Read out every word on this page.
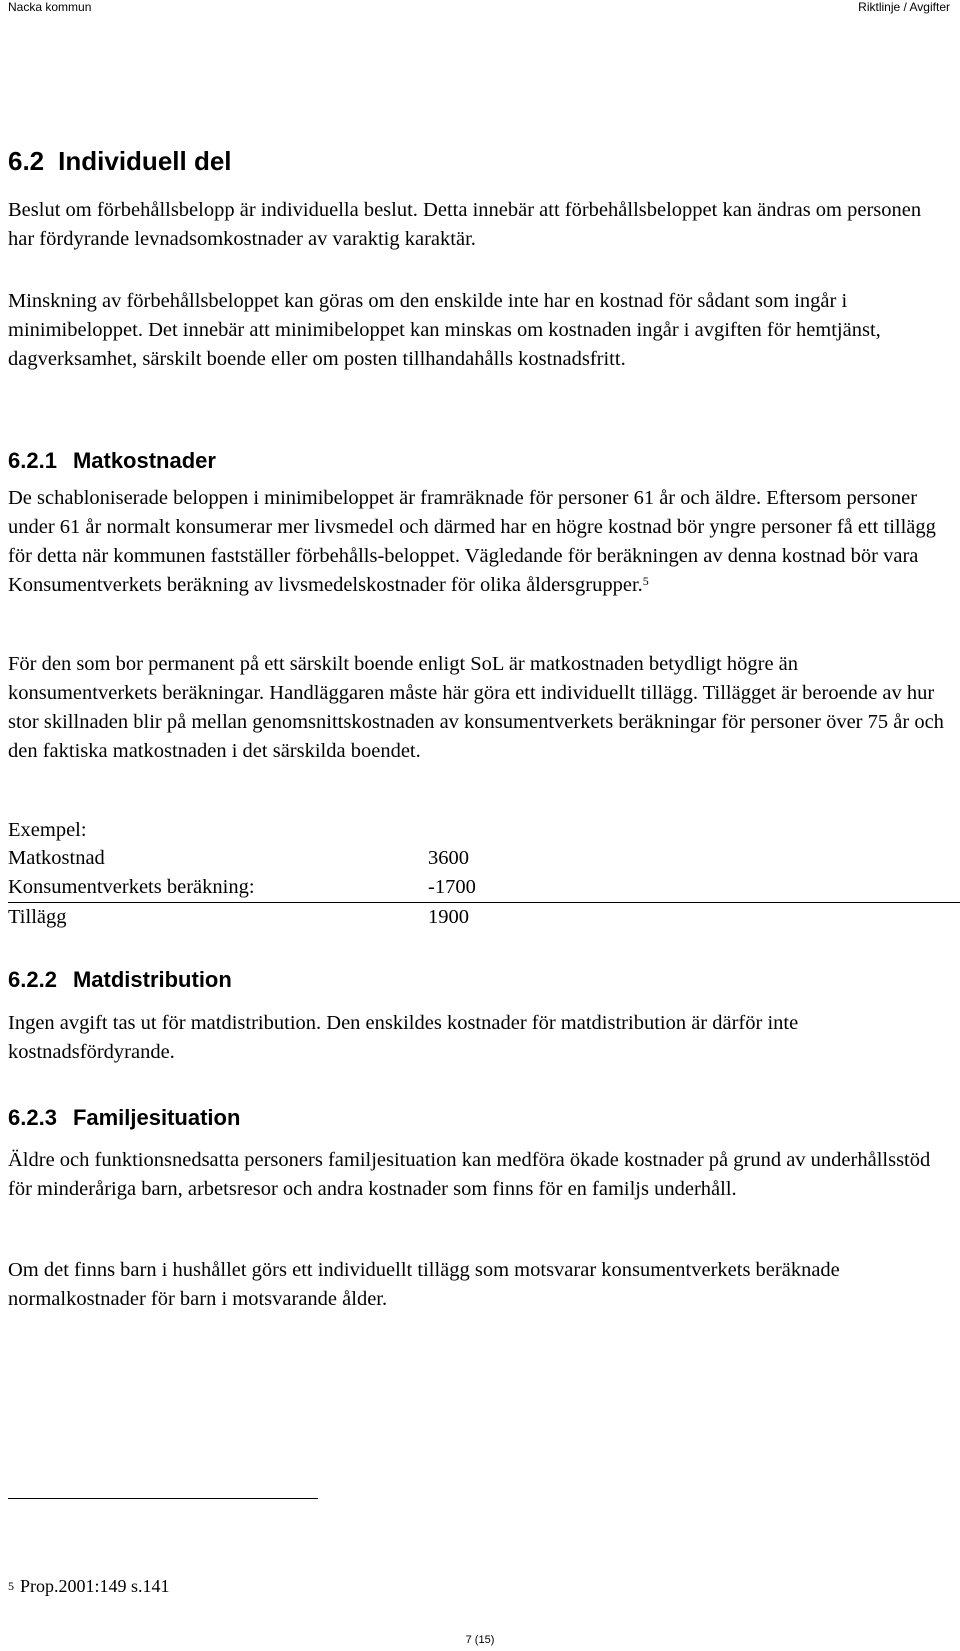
Nacka kommun	Riktlinje / Avgifter
6.2 Individuell del

Beslut om förbehållsbelopp är individuella beslut. Detta innebär att förbehållsbeloppet kan ändras om personen har fördyrande levnadsomkostnader av varaktig karaktär.

Minskning av förbehållsbeloppet kan göras om den enskilde inte har en kostnad för sådant som ingår i minimibeloppet. Det innebär att minimibeloppet kan minskas om kostnaden ingår i avgiften för hemtjänst, dagverksamhet, särskilt boende eller om posten tillhandahålls kostnadsfritt.

6.2.1 Matkostnader

De schabloniserade beloppen i minimibeloppet är framräknade för personer 61 år och äldre. Eftersom personer under 61 år normalt konsumerar mer livsmedel och därmed har en högre kostnad bör yngre personer få ett tillägg för detta när kommunen fastställer förbehålls-beloppet. Vägledande för beräkningen av denna kostnad bör vara Konsumentverkets beräkning av livsmedelskostnader för olika åldersgrupper.$^5$

För den som bor permanent på ett särskilt boende enligt SoL är matkostnaden betydligt högre än konsumentverkets beräkningar. Handläggaren måste här göra ett individuellt tillägg. Tillägget är beroende av hur stor skillnaden blir på mellan genomsnittskostnaden av konsumentverkets beräkningar för personer över 75 år och den faktiska matkostnaden i det särskilda boendet.

Exempel:
Matkostnad	3600
Konsumentverkets beräkning:	-1700
Tillägg	1900
6.2.2 Matdistribution

Ingen avgift tas ut för matdistribution. Den enskildes kostnader för matdistribution är därför inte kostnadsfördyrande.

6.2.3 Familjesituation

Äldre och funktionsnedsatta personers familjesituation kan medföra ökade kostnader på grund av underhållsstöd för minderåriga barn, arbetsresor och andra kostnader som finns för en familjs underhåll.

Om det finns barn i hushållet görs ett individuellt tillägg som motsvarar konsumentverkets beräknade normalkostnader för barn i motsvarande ålder.

$^5$ Prop.2001:149 s.141
7 (15)
